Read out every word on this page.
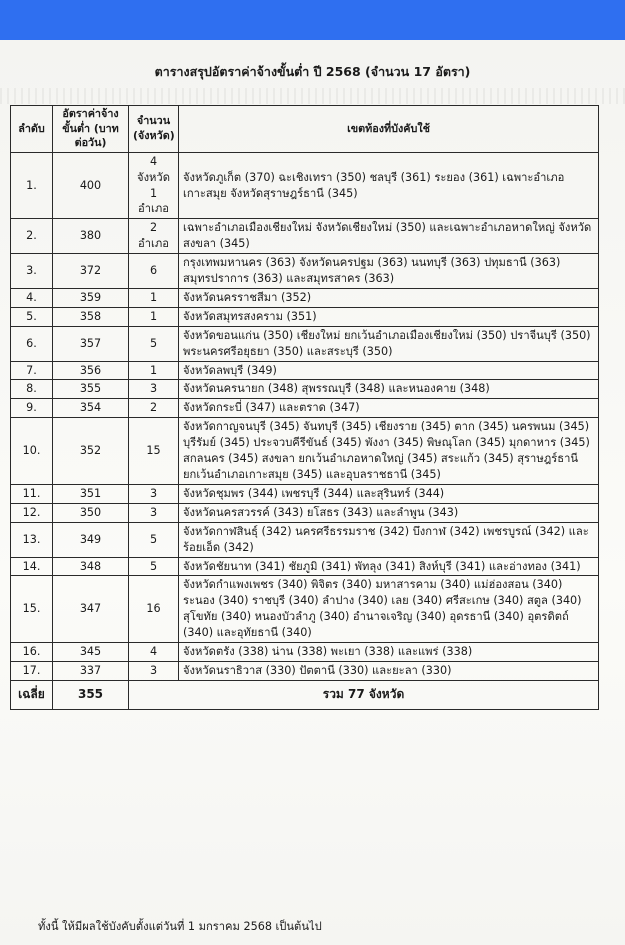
ตารางสรุปอัตราค่าจ้างขั้นต่ำ ปี 2568 (จำนวน 17 อัตรา)
ลำดับ	อัตราค่าจ้างขั้นต่ำ (บาทต่อวัน)	จำนวน (จังหวัด)	เขตท้องที่บังคับใช้
1.	400	4 จังหวัด 1 อำเภอ	จังหวัดภูเก็ต (370) ฉะเชิงเทรา (350) ชลบุรี (361) ระยอง (361) เฉพาะอำเภอเกาะสมุย จังหวัดสุราษฎร์ธานี (345)
2.	380	2 อำเภอ	เฉพาะอำเภอเมืองเชียงใหม่ จังหวัดเชียงใหม่ (350) และเฉพาะอำเภอหาดใหญ่ จังหวัดสงขลา (345)
3.	372	6	กรุงเทพมหานคร (363) จังหวัดนครปฐม (363) นนทบุรี (363) ปทุมธานี (363) สมุทรปราการ (363) และสมุทรสาคร (363)
4.	359	1	จังหวัดนครราชสีมา (352)
5.	358	1	จังหวัดสมุทรสงคราม (351)
6.	357	5	จังหวัดขอนแก่น (350) เชียงใหม่ ยกเว้นอำเภอเมืองเชียงใหม่ (350) ปราจีนบุรี (350) พระนครศรีอยุธยา (350) และสระบุรี (350)
7.	356	1	จังหวัดลพบุรี (349)
8.	355	3	จังหวัดนครนายก (348) สุพรรณบุรี (348) และหนองคาย (348)
9.	354	2	จังหวัดกระบี่ (347) และตราด (347)
10.	352	15	จังหวัดกาญจนบุรี (345) จันทบุรี (345) เชียงราย (345) ตาก (345) นครพนม (345) บุรีรัมย์ (345) ประจวบคีรีขันธ์ (345) พังงา (345) พิษณุโลก (345) มุกดาหาร (345) สกลนคร (345) สงขลา ยกเว้นอำเภอหาดใหญ่ (345) สระแก้ว (345) สุราษฎร์ธานี ยกเว้นอำเภอเกาะสมุย (345) และอุบลราชธานี (345)
11.	351	3	จังหวัดชุมพร (344) เพชรบุรี (344) และสุรินทร์ (344)
12.	350	3	จังหวัดนครสวรรค์ (343) ยโสธร (343) และลำพูน (343)
13.	349	5	จังหวัดกาฬสินธุ์ (342) นครศรีธรรมราช (342) บึงกาฬ (342) เพชรบูรณ์ (342) และร้อยเอ็ด (342)
14.	348	5	จังหวัดชัยนาท (341) ชัยภูมิ (341) พัทลุง (341) สิงห์บุรี (341) และอ่างทอง (341)
15.	347	16	จังหวัดกำแพงเพชร (340) พิจิตร (340) มหาสารคาม (340) แม่ฮ่องสอน (340) ระนอง (340) ราชบุรี (340) ลำปาง (340) เลย (340) ศรีสะเกษ (340) สตูล (340) สุโขทัย (340) หนองบัวลำภู (340) อำนาจเจริญ (340) อุดรธานี (340) อุตรดิตถ์ (340) และอุทัยธานี (340)
16.	345	4	จังหวัดตรัง (338) น่าน (338) พะเยา (338) และแพร่ (338)
17.	337	3	จังหวัดนราธิวาส (330) ปัตตานี (330) และยะลา (330)
เฉลี่ย	355	รวม 77 จังหวัด	
ทั้งนี้ ให้มีผลใช้บังคับตั้งแต่วันที่ 1 มกราคม 2568 เป็นต้นไป
